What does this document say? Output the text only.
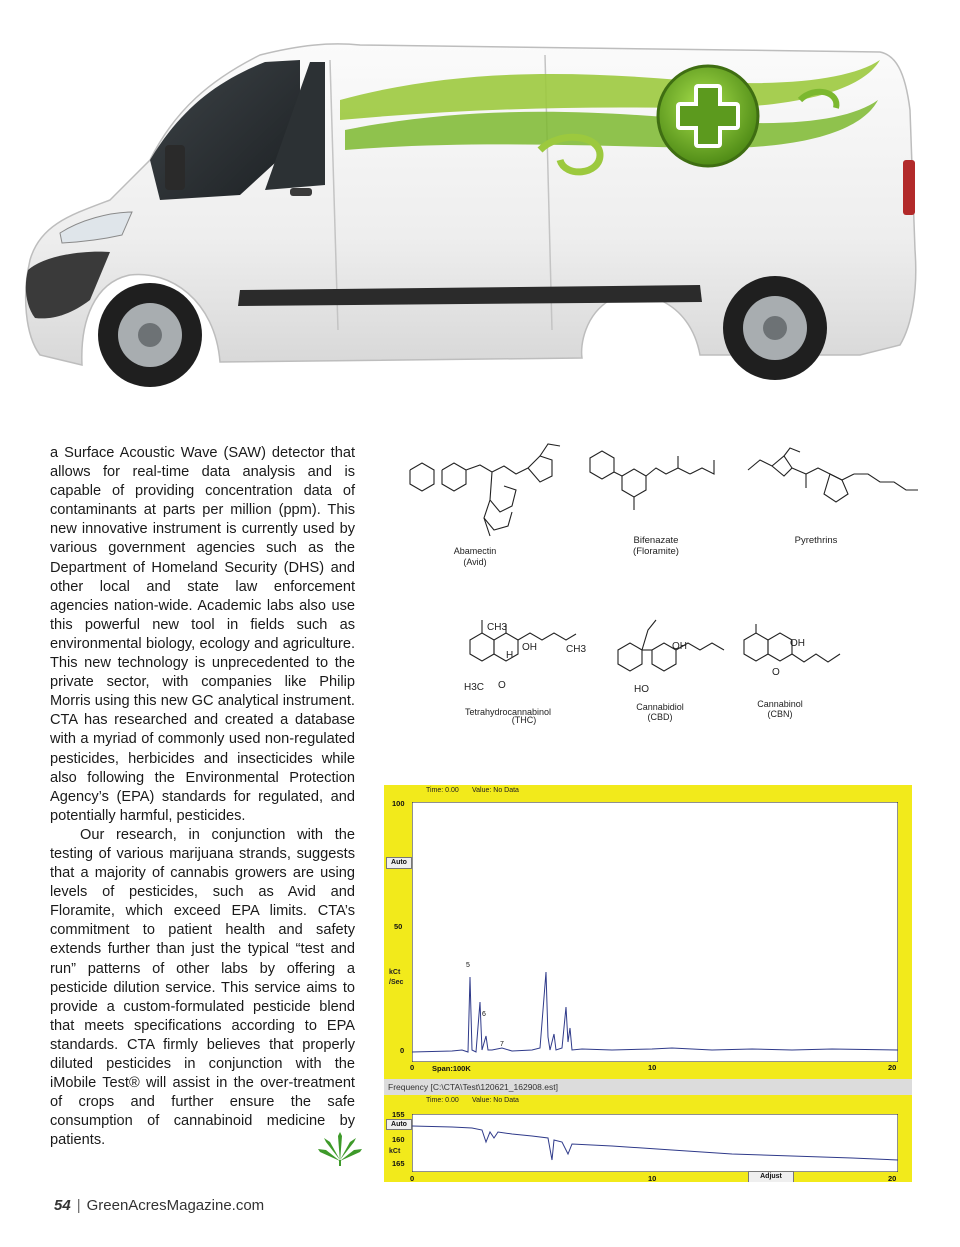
a Surface Acoustic Wave (SAW) detector that allows for real-time data analysis and is capable of providing concentration data of contaminants at parts per million (ppm). This new innovative instrument is currently used by various government agencies such as the Department of Homeland Security (DHS) and other local and state law enforcement agencies nation-wide. Academic labs also use this powerful new tool in fields such as environmental biology, ecology and agriculture. This new technology is unprecedented to the private sector, with companies like Philip Morris using this new GC analytical instrument. CTA has researched and created a database with a myriad of commonly used non-regulated pesticides, herbicides and insecticides while also following the Environmental Protection Agency’s (EPA) standards for regulated, and potentially harmful, pesticides.

Our research, in conjunction with the testing of various marijuana strands, suggests that a majority of cannabis growers are using levels of pesticides, such as Avid and Floramite, which exceed EPA limits. CTA’s commitment to patient health and safety extends further than just the typical “test and run” patterns of other labs by offering a pesticide dilution service. This service aims to provide a custom-formulated pesticide blend that meets specifications according to EPA standards. CTA firmly believes that properly diluted pesticides in conjunction with the iMobile Test® will assist in the over-treatment of crops and further ensure the safe consumption of cannabinoid medicine by patients.

54 | GreenAcresMagazine.com
Abamectin
(Avid)
Bifenazate
(Floramite)
Pyrethrins
CH3
OH	CH3
H
H3C O
Tetrahydrocannabinol
(THC)
OH
HO
Cannabidiol
(CBD)
OH
O
Cannabinol
(CBN)
Time: 0.00 Value: No Data
100
50
0
Auto
kCt
/Sec
0 Span:100K	10	20
5
6
7
Frequency [C:\CTA\Test\120621_162908.est]
Time: 0.00 Value: No Data
155
Auto
160
kCt
165
0	10	Adjust	20
